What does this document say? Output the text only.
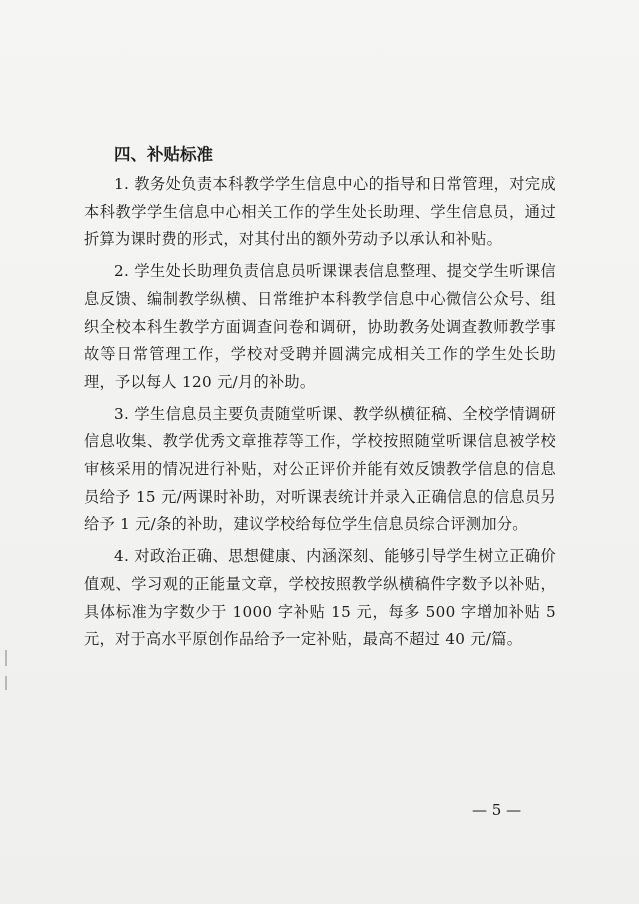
四、补贴标准

1. 教务处负责本科教学学生信息中心的指导和日常管理，对完成本科教学学生信息中心相关工作的学生处长助理、学生信息员，通过折算为课时费的形式，对其付出的额外劳动予以承认和补贴。

2. 学生处长助理负责信息员听课课表信息整理、提交学生听课信息反馈、编制教学纵横、日常维护本科教学信息中心微信公众号、组织全校本科生教学方面调查问卷和调研，协助教务处调查教师教学事故等日常管理工作，学校对受聘并圆满完成相关工作的学生处长助理，予以每人 120 元/月的补助。

3. 学生信息员主要负责随堂听课、教学纵横征稿、全校学情调研信息收集、教学优秀文章推荐等工作，学校按照随堂听课信息被学校审核采用的情况进行补贴，对公正评价并能有效反馈教学信息的信息员给予 15 元/两课时补助，对听课表统计并录入正确信息的信息员另给予 1 元/条的补助，建议学校给每位学生信息员综合评测加分。

4. 对政治正确、思想健康、内涵深刻、能够引导学生树立正确价值观、学习观的正能量文章，学校按照教学纵横稿件字数予以补贴，具体标准为字数少于 1000 字补贴 15 元，每多 500 字增加补贴 5 元，对于高水平原创作品给予一定补贴，最高不超过 40 元/篇。

— 5 —
